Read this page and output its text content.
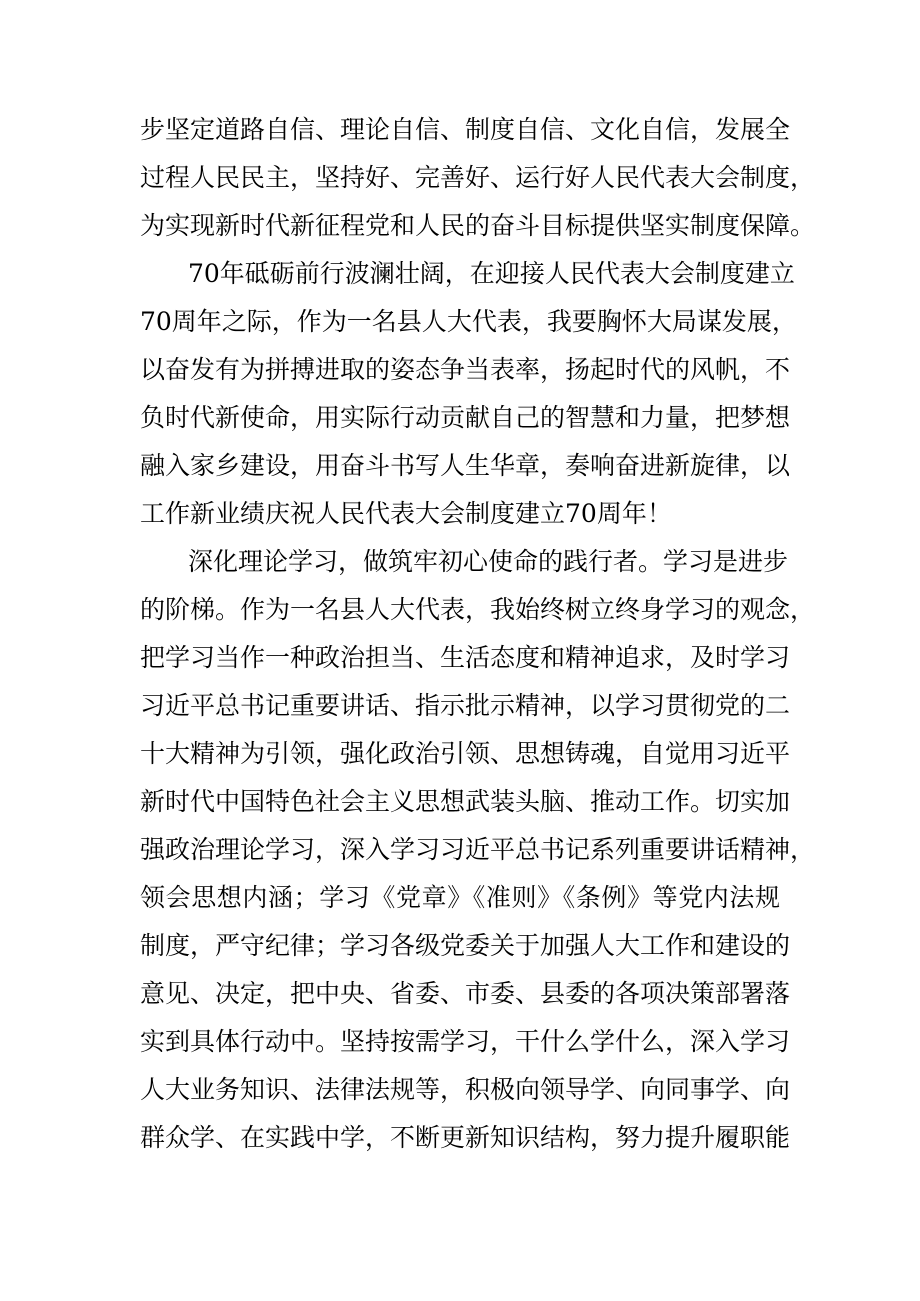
步坚定道路自信、理论自信、制度自信、文化自信，发展全
过程人民民主，坚持好、完善好、运行好人民代表大会制度，
为实现新时代新征程党和人民的奋斗目标提供坚实制度保障。
70年砥砺前行波澜壮阔，在迎接人民代表大会制度建立
70周年之际，作为一名县人大代表，我要胸怀大局谋发展，
以奋发有为拼搏进取的姿态争当表率，扬起时代的风帆，不
负时代新使命，用实际行动贡献自己的智慧和力量，把梦想
融入家乡建设，用奋斗书写人生华章，奏响奋进新旋律，以
工作新业绩庆祝人民代表大会制度建立70周年！
深化理论学习，做筑牢初心使命的践行者。学习是进步
的阶梯。作为一名县人大代表，我始终树立终身学习的观念，
把学习当作一种政治担当、生活态度和精神追求，及时学习
习近平总书记重要讲话、指示批示精神，以学习贯彻党的二
十大精神为引领，强化政治引领、思想铸魂，自觉用习近平
新时代中国特色社会主义思想武装头脑、推动工作。切实加
强政治理论学习，深入学习习近平总书记系列重要讲话精神，
领会思想内涵；学习《党章》《准则》《条例》等党内法规
制度，严守纪律；学习各级党委关于加强人大工作和建设的
意见、决定，把中央、省委、市委、县委的各项决策部署落
实到具体行动中。坚持按需学习，干什么学什么，深入学习
人大业务知识、法律法规等，积极向领导学、向同事学、向
群众学、在实践中学，不断更新知识结构，努力提升履职能
